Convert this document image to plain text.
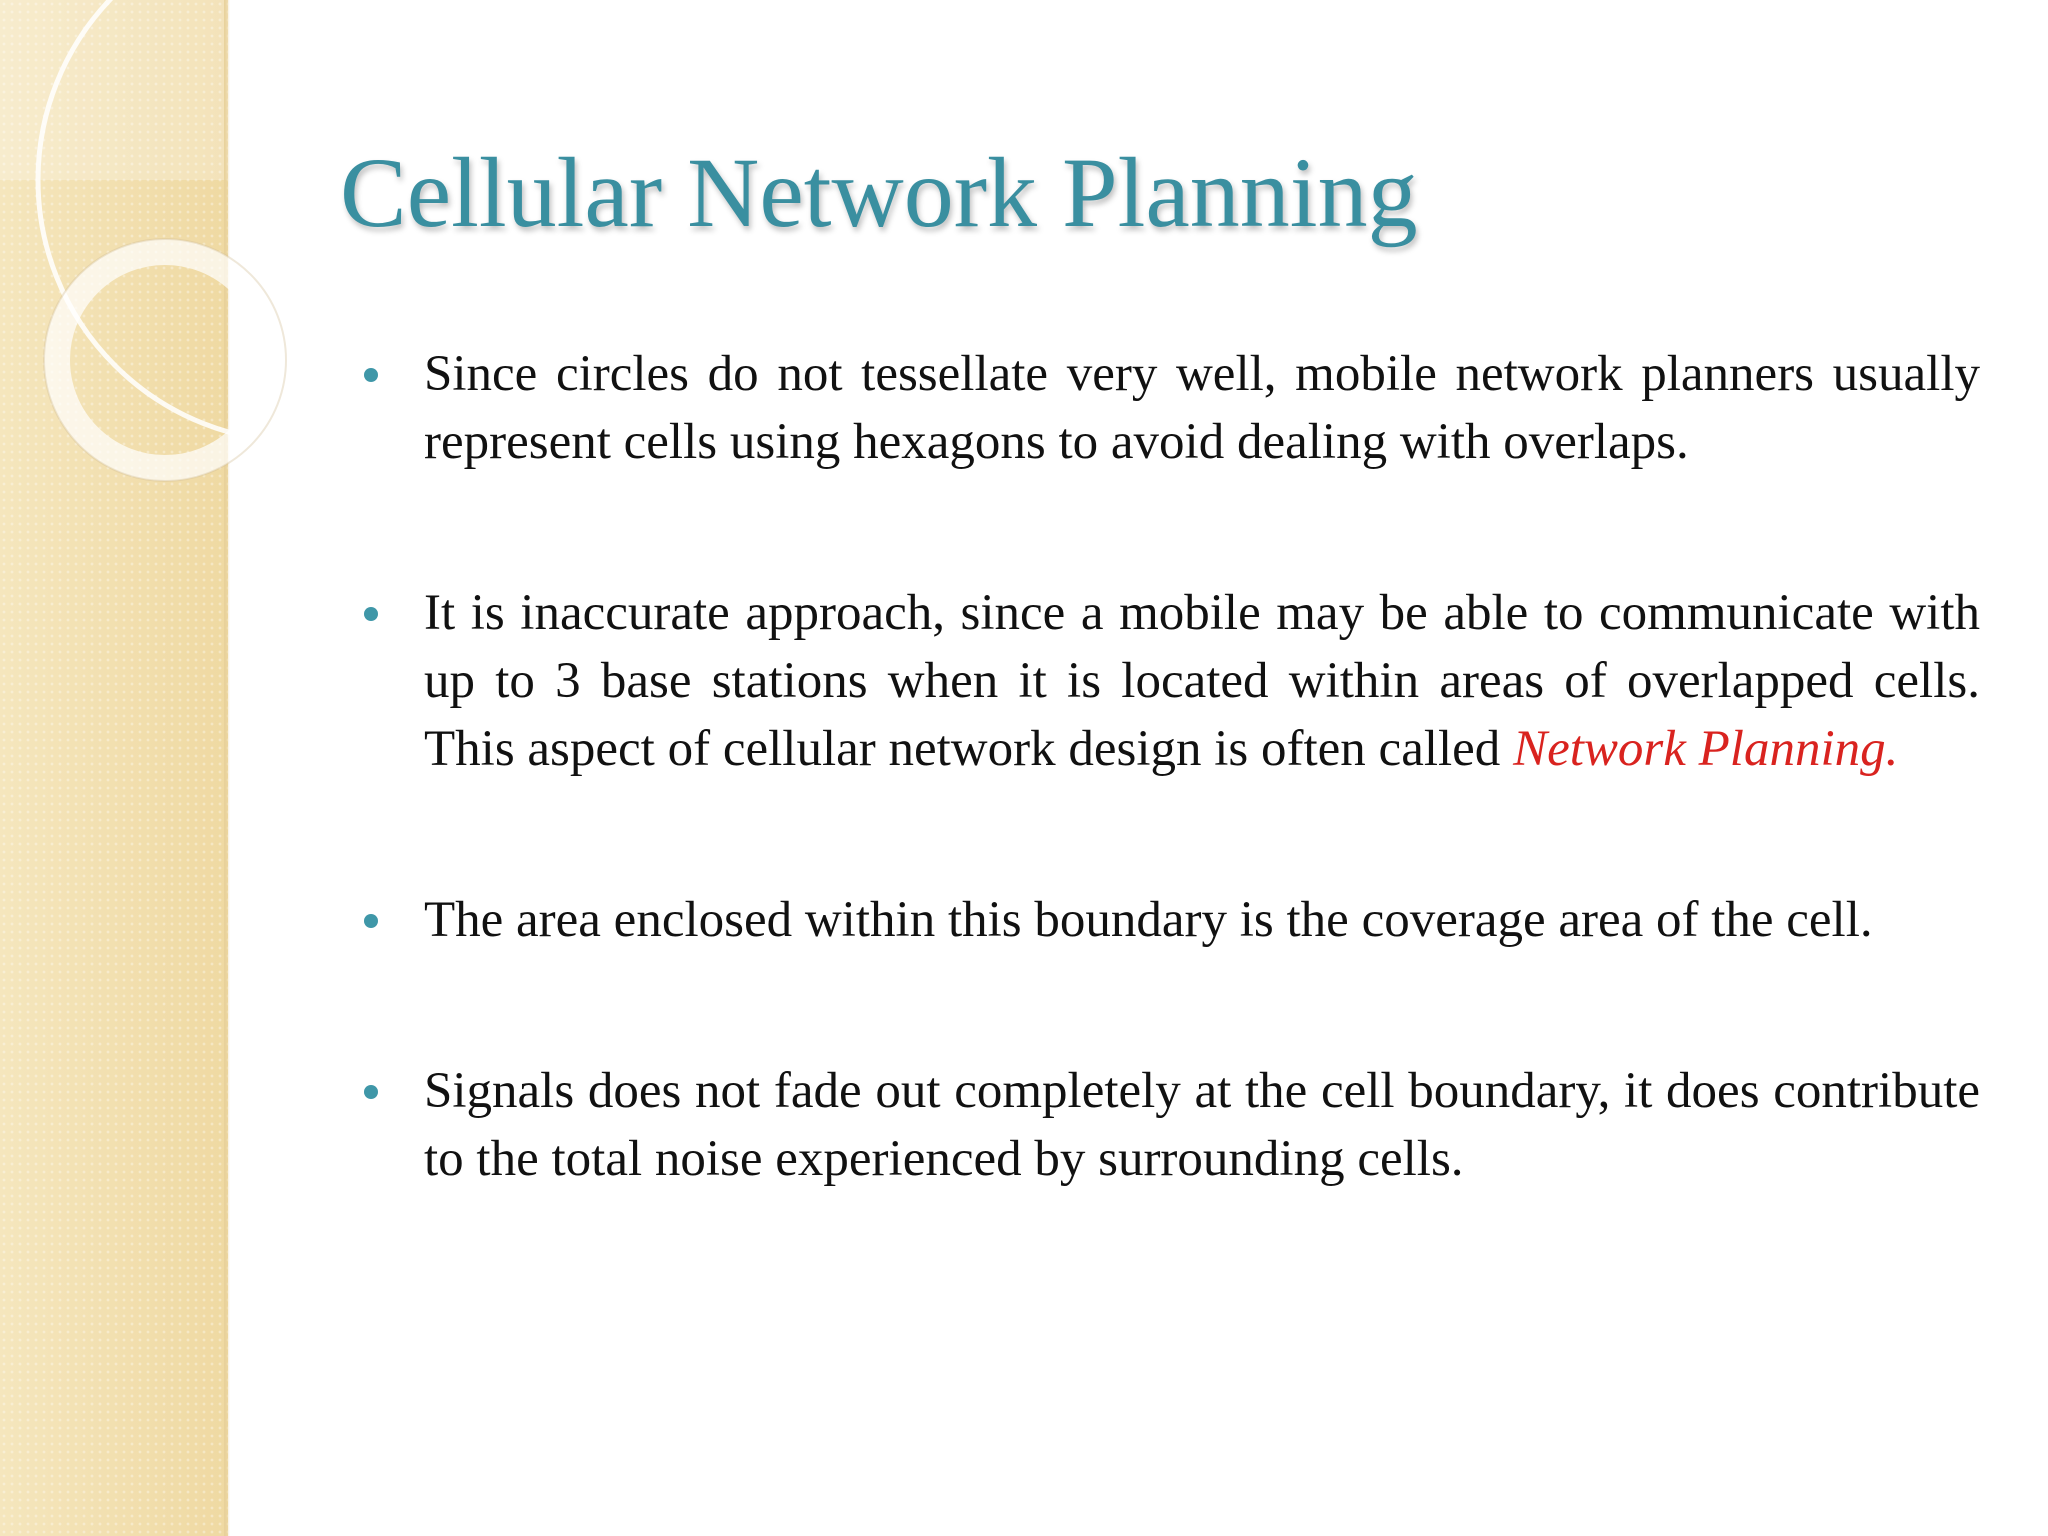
Cellular Network Planning
Since circles do not tessellate very well, mobile network planners usually represent cells using hexagons to avoid dealing with overlaps.
It is inaccurate approach, since a mobile may be able to communicate with up to 3 base stations when it is located within areas of overlapped cells. This aspect of cellular network design is often called Network Planning.
The area enclosed within this boundary is the coverage area of the cell.
Signals does not fade out completely at the cell boundary, it does contribute to the total noise experienced by surrounding cells.
